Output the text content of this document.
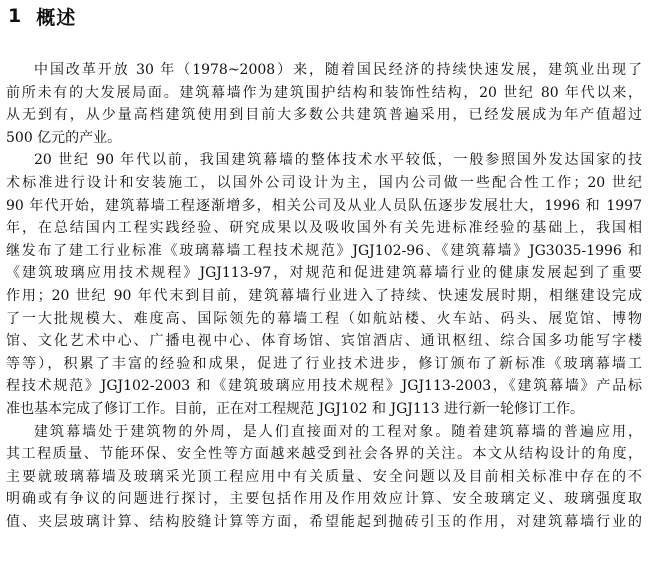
1 概述
中国改革开放 30 年（1978~2008）来，随着国民经济的持续快速发展，建筑业出现了
前所未有的大发展局面。建筑幕墙作为建筑围护结构和装饰性结构，20 世纪 80 年代以来，
从无到有，从少量高档建筑使用到目前大多数公共建筑普遍采用，已经发展成为年产值超过
500 亿元的产业。
20 世纪 90 年代以前，我国建筑幕墙的整体技术水平较低，一般参照国外发达国家的技
术标准进行设计和安装施工，以国外公司设计为主，国内公司做一些配合性工作；20 世纪
90 年代开始，建筑幕墙工程逐渐增多，相关公司及从业人员队伍逐步发展壮大，1996 和 1997
年，在总结国内工程实践经验、研究成果以及吸收国外有关先进标准经验的基础上，我国相
继发布了建工行业标准《玻璃幕墙工程技术规范》JGJ102-96、《建筑幕墙》JG3035-1996 和
《建筑玻璃应用技术规程》JGJ113-97，对规范和促进建筑幕墙行业的健康发展起到了重要
作用；20 世纪 90 年代末到目前，建筑幕墙行业进入了持续、快速发展时期，相继建设完成
了一大批规模大、难度高、国际领先的幕墙工程（如航站楼、火车站、码头、展览馆、博物
馆、文化艺术中心、广播电视中心、体育场馆、宾馆酒店、通讯枢纽、综合国多功能写字楼
等等），积累了丰富的经验和成果，促进了行业技术进步，修订颁布了新标准《玻璃幕墙工
程技术规范》JGJ102-2003 和《建筑玻璃应用技术规程》JGJ113-2003，《建筑幕墙》产品标
准也基本完成了修订工作。目前，正在对工程规范 JGJ102 和 JGJ113 进行新一轮修订工作。
建筑幕墙处于建筑物的外周，是人们直接面对的工程对象。随着建筑幕墙的普遍应用，
其工程质量、节能环保、安全性等方面越来越受到社会各界的关注。本文从结构设计的角度，
主要就玻璃幕墙及玻璃采光顶工程应用中有关质量、安全问题以及目前相关标准中存在的不
明确或有争议的问题进行探讨，主要包括作用及作用效应计算、安全玻璃定义、玻璃强度取
值、夹层玻璃计算、结构胶缝计算等方面，希望能起到抛砖引玉的作用，对建筑幕墙行业的
